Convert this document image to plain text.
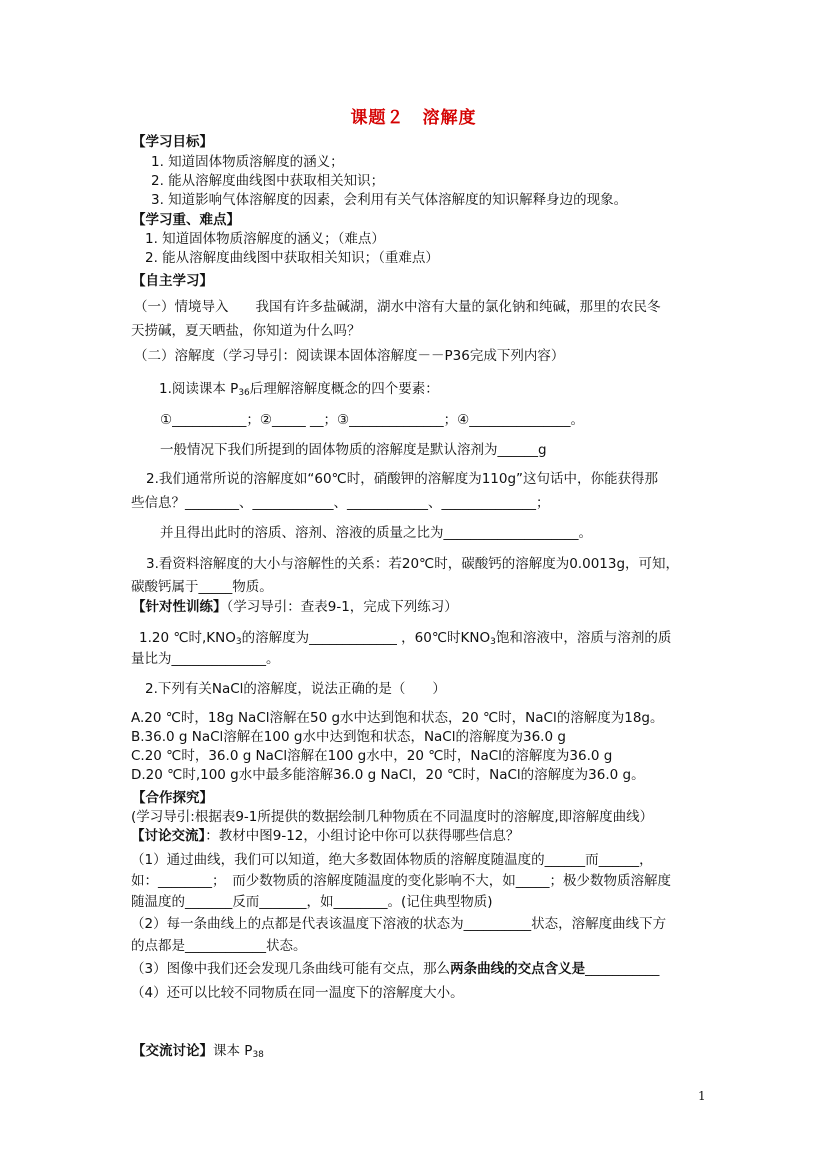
课题２　溶解度
【学习目标】
1. 知道固体物质溶解度的涵义；
2. 能从溶解度曲线图中获取相关知识；
3. 知道影响气体溶解度的因素，会利用有关气体溶解度的知识解释身边的现象。
【学习重、难点】
1. 知道固体物质溶解度的涵义；（难点）
2. 能从溶解度曲线图中获取相关知识；（重难点）
【自主学习】
（一）情境导入　　我国有许多盐碱湖，湖水中溶有大量的氯化钠和纯碱，那里的农民冬
天捞碱，夏天晒盐，你知道为什么吗？
（二）溶解度（学习导引：阅读课本固体溶解度－－P36完成下列内容）
1.阅读课本 $P_{36}$后理解溶解度概念的四个要素：
①___________；②_____ __；③______________；④_______________。
一般情况下我们所提到的固体物质的溶解度是默认溶剂为______g
2.我们通常所说的溶解度如“60℃时，硝酸钾的溶解度为110g”这句话中，你能获得那
些信息？________、____________、____________、______________；
并且得出此时的溶质、溶剂、溶液的质量之比为____________________。
3.看资料溶解度的大小与溶解性的关系：若20℃时，碳酸钙的溶解度为0.0013g，可知，
碳酸钙属于_____物质。
【针对性训练】（学习导引：查表9-1，完成下列练习）
1.20 ℃时$,KNO_3$的溶解度为_____________ ，60℃时$KNO_3$饱和溶液中，溶质与溶剂的质
量比为______________。
2.下列有关NaCl的溶解度，说法正确的是（　　）
A.20 ℃时，18g NaCl溶解在50 g水中达到饱和状态，20 ℃时，NaCl的溶解度为18g。
B.36.0 g NaCl溶解在100 g水中达到饱和状态，NaCl的溶解度为36.0 g
C.20 ℃时，36.0 g NaCl溶解在100 g水中，20 ℃时，NaCl的溶解度为36.0 g
D.20 ℃时,100 g水中最多能溶解36.0 g NaCl，20 ℃时，NaCl的溶解度为36.0 g。
【合作探究】
(学习导引:根据表9-1所提供的数据绘制几种物质在不同温度时的溶解度,即溶解度曲线）
【讨论交流】：教材中图9-12，小组讨论中你可以获得哪些信息？
（1）通过曲线，我们可以知道，绝大多数固体物质的溶解度随温度的______而______，
如：________；　而少数物质的溶解度随温度的变化影响不大，如_____；极少数物质溶解度
随温度的_______反而_______，如________。(记住典型物质)
（2）每一条曲线上的点都是代表该温度下溶液的状态为__________状态，溶解度曲线下方
的点都是____________状态。
（3）图像中我们还会发现几条曲线可能有交点，那么两条曲线的交点含义是___________
（4）还可以比较不同物质在同一温度下的溶解度大小。
【交流讨论】课本 $P_{38}$
1
